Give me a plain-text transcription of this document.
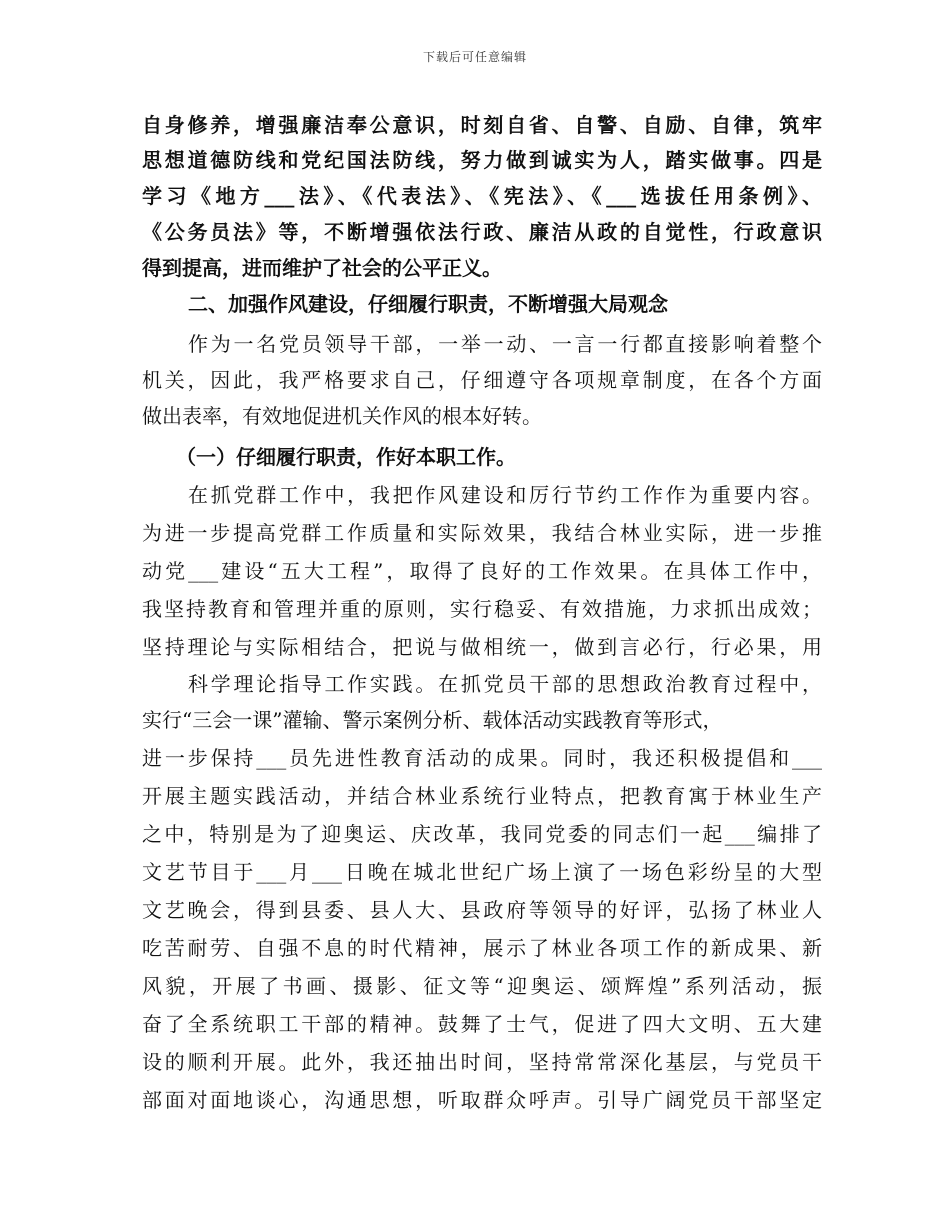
下载后可任意编辑
自身修养，增强廉洁奉公意识，时刻自省、自警、自励、自律，筑牢
思想道德防线和党纪国法防线，努力做到诚实为人，踏实做事。四是
学习《地方___法》、《代表法》、《宪法》、《___选拔任用条例》、
《公务员法》等，不断增强依法行政、廉洁从政的自觉性，行政意识
得到提高，进而维护了社会的公平正义。
二、加强作风建设，仔细履行职责，不断增强大局观念
作为一名党员领导干部，一举一动、一言一行都直接影响着整个
机关，因此，我严格要求自己，仔细遵守各项规章制度，在各个方面
做出表率，有效地促进机关作风的根本好转。
（一）仔细履行职责，作好本职工作。
在抓党群工作中，我把作风建设和厉行节约工作作为重要内容。
为进一步提高党群工作质量和实际效果，我结合林业实际，进一步推
动党___建设“五大工程”，取得了良好的工作效果。在具体工作中，
我坚持教育和管理并重的原则，实行稳妥、有效措施，力求抓出成效；
坚持理论与实际相结合，把说与做相统一，做到言必行，行必果，用
科学理论指导工作实践。在抓党员干部的思想政治教育过程中，
实行“三会一课”灌输、警示案例分析、载体活动实践教育等形式，
进一步保持___员先进性教育活动的成果。同时，我还积极提倡和___
开展主题实践活动，并结合林业系统行业特点，把教育寓于林业生产
之中，特别是为了迎奥运、庆改革，我同党委的同志们一起___编排了
文艺节目于___月___日晚在城北世纪广场上演了一场色彩纷呈的大型
文艺晚会，得到县委、县人大、县政府等领导的好评，弘扬了林业人
吃苦耐劳、自强不息的时代精神，展示了林业各项工作的新成果、新
风貌，开展了书画、摄影、征文等“迎奥运、颂辉煌”系列活动，振
奋了全系统职工干部的精神。鼓舞了士气，促进了四大文明、五大建
设的顺利开展。此外，我还抽出时间，坚持常常深化基层，与党员干
部面对面地谈心，沟通思想，听取群众呼声。引导广阔党员干部坚定
